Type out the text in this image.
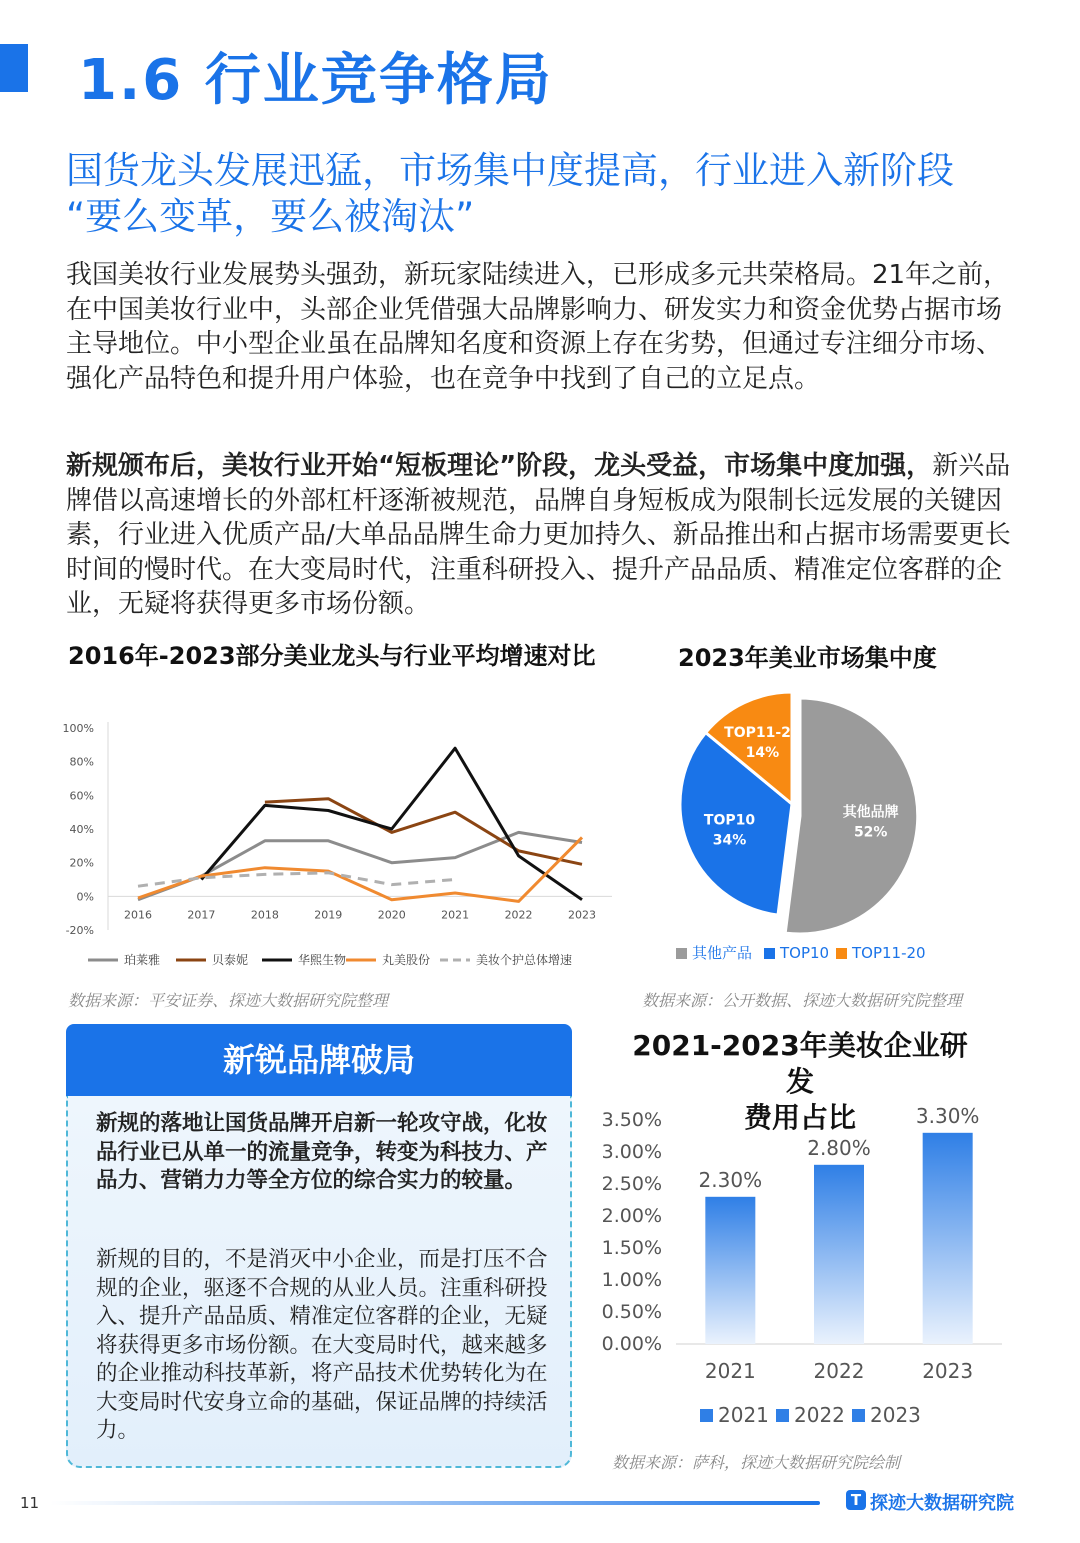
1.6 行业竞争格局
国货龙头发展迅猛，市场集中度提高，行业进入新阶段
“要么变革，要么被淘汰”
我国美妆行业发展势头强劲，新玩家陆续进入，已形成多元共荣格局。21年之前，在中国美妆行业中，头部企业凭借强大品牌影响力、研发实力和资金优势占据市场主导地位。中小型企业虽在品牌知名度和资源上存在劣势，但通过专注细分市场、强化产品特色和提升用户体验，也在竞争中找到了自己的立足点。
新规颁布后，美妆行业开始“短板理论”阶段，龙头受益，市场集中度加强，新兴品牌借以高速增长的外部杠杆逐渐被规范，品牌自身短板成为限制长远发展的关键因素，行业进入优质产品/大单品品牌生命力更加持久、新品推出和占据市场需要更长时间的慢时代。在大变局时代，注重科研投入、提升产品品质、精准定位客群的企业，无疑将获得更多市场份额。
2016年-2023部分美业龙头与行业平均增速对比
100%
80%
60%
40%
20%
0%
-20%
2016	2017	2018	2019	2020	2021	2022	2023
珀莱雅	贝泰妮	华熙生物	丸美股份	美妆个护总体增速
数据来源：平安证券、探迹大数据研究院整理
2023年美业市场集中度
其他品牌
52%
TOP10
34%
TOP11-20
14%
其他产品 TOP10 TOP11-20
数据来源：公开数据、探迹大数据研究院整理
新锐品牌破局
新规的落地让国货品牌开启新一轮攻守战，化妆品行业已从单一的流量竞争，转变为科技力、产品力、营销力力等全方位的综合实力的较量。
新规的目的，不是消灭中小企业，而是打压不合规的企业，驱逐不合规的从业人员。注重科研投入、提升产品品质、精准定位客群的企业，无疑将获得更多市场份额。在大变局时代，越来越多的企业推动科技革新，将产品技术优势转化为在大变局时代安身立命的基础，保证品牌的持续活力。
2021-2023年美妆企业研发
费用占比
3.50%
3.00%
2.50%
2.00%
1.50%
1.00%
0.50%
0.00%
2.30%
2021
2.80%
2022
3.30%
2023
2021 2022 2023
数据来源：萨科，探迹大数据研究院绘制
11	T 探迹大数据研究院
